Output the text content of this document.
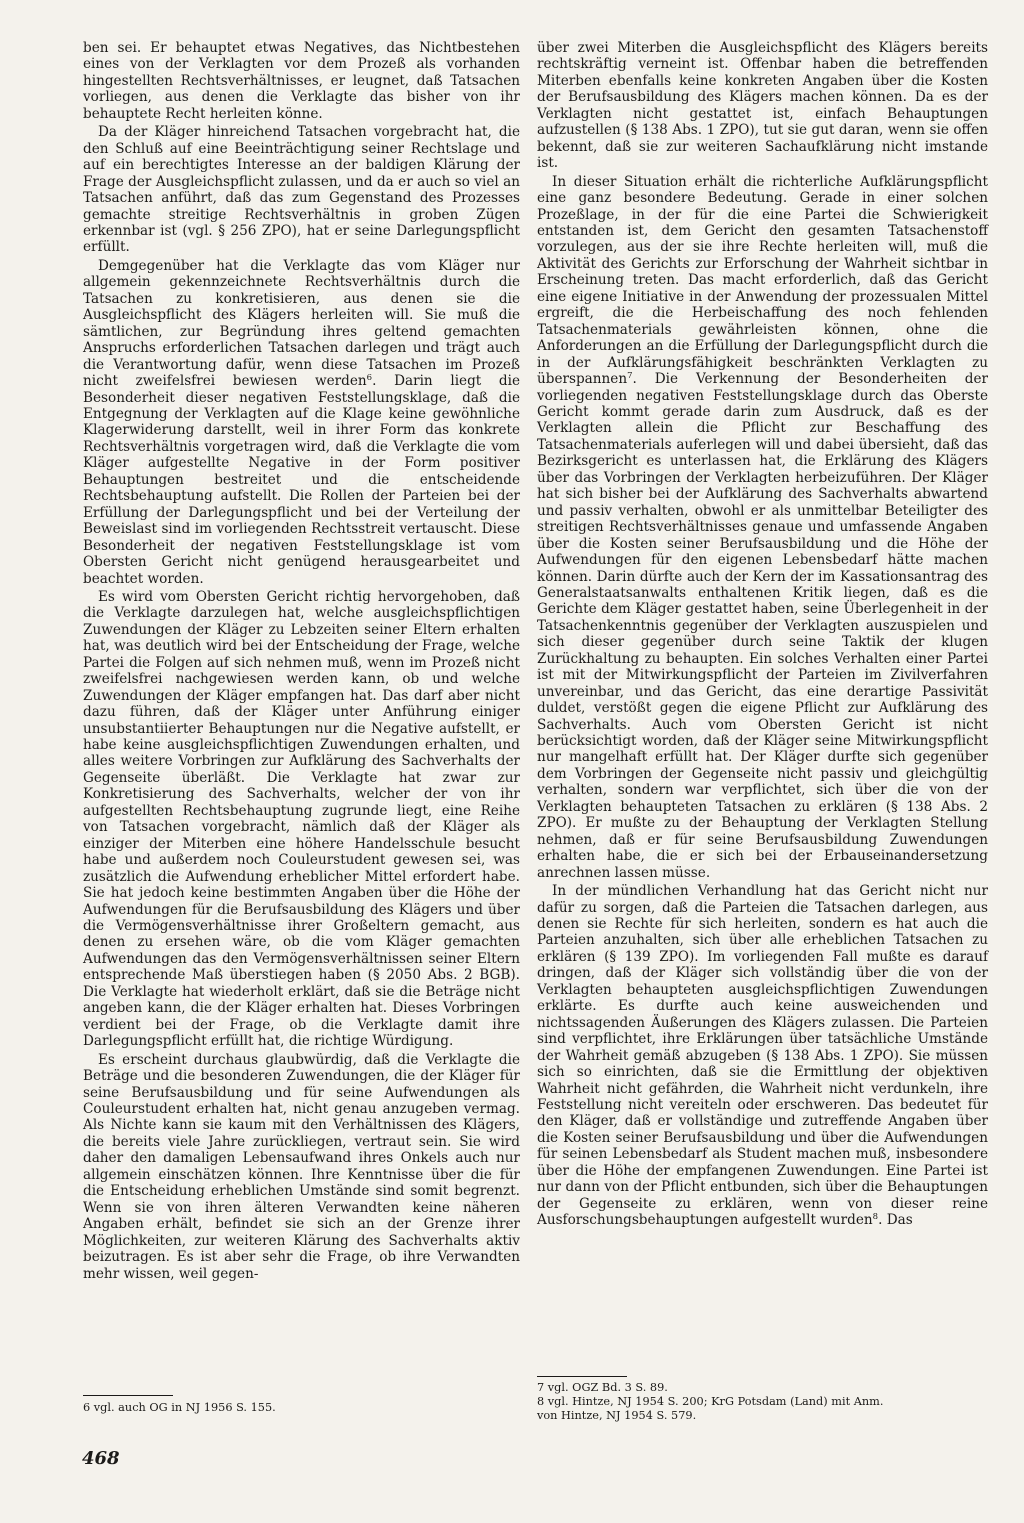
ben sei. Er behauptet etwas Negatives, das Nichtbestehen eines von der Verklagten vor dem Prozeß als vorhanden hingestellten Rechtsverhältnisses, er leugnet, daß Tatsachen vorliegen, aus denen die Verklagte das bisher von ihr behauptete Recht herleiten könne.

Da der Kläger hinreichend Tatsachen vorgebracht hat, die den Schluß auf eine Beeinträchtigung seiner Rechtslage und auf ein berechtigtes Interesse an der baldigen Klärung der Frage der Ausgleichspflicht zulassen, und da er auch so viel an Tatsachen anführt, daß das zum Gegenstand des Prozesses gemachte streitige Rechtsverhältnis in groben Zügen erkennbar ist (vgl. § 256 ZPO), hat er seine Darlegungspflicht erfüllt.

Demgegenüber hat die Verklagte das vom Kläger nur allgemein gekennzeichnete Rechtsverhältnis durch die Tatsachen zu konkretisieren, aus denen sie die Ausgleichspflicht des Klägers herleiten will. Sie muß die sämtlichen, zur Begründung ihres geltend gemachten Anspruchs erforderlichen Tatsachen darlegen und trägt auch die Verantwortung dafür, wenn diese Tatsachen im Prozeß nicht zweifelsfrei bewiesen werden$^6$. Darin liegt die Besonderheit dieser negativen Feststellungsklage, daß die Entgegnung der Verklagten auf die Klage keine gewöhnliche Klagerwiderung darstellt, weil in ihrer Form das konkrete Rechtsverhältnis vorgetragen wird, daß die Verklagte die vom Kläger aufgestellte Negative in der Form positiver Behauptungen bestreitet und die entscheidende Rechtsbehauptung aufstellt. Die Rollen der Parteien bei der Erfüllung der Darlegungspflicht und bei der Verteilung der Beweislast sind im vorliegenden Rechtsstreit vertauscht. Diese Besonderheit der negativen Feststellungsklage ist vom Obersten Gericht nicht genügend herausgearbeitet und beachtet worden.

Es wird vom Obersten Gericht richtig hervorgehoben, daß die Verklagte darzulegen hat, welche ausgleichspflichtigen Zuwendungen der Kläger zu Lebzeiten seiner Eltern erhalten hat, was deutlich wird bei der Entscheidung der Frage, welche Partei die Folgen auf sich nehmen muß, wenn im Prozeß nicht zweifelsfrei nachgewiesen werden kann, ob und welche Zuwendungen der Kläger empfangen hat. Das darf aber nicht dazu führen, daß der Kläger unter Anführung einiger unsubstantiierter Behauptungen nur die Negative aufstellt, er habe keine ausgleichspflichtigen Zuwendungen erhalten, und alles weitere Vorbringen zur Aufklärung des Sachverhalts der Gegenseite überläßt. Die Verklagte hat zwar zur Konkretisierung des Sachverhalts, welcher der von ihr aufgestellten Rechtsbehauptung zugrunde liegt, eine Reihe von Tatsachen vorgebracht, nämlich daß der Kläger als einziger der Miterben eine höhere Handelsschule besucht habe und außerdem noch Couleurstudent gewesen sei, was zusätzlich die Aufwendung erheblicher Mittel erfordert habe. Sie hat jedoch keine bestimmten Angaben über die Höhe der Aufwendungen für die Berufsausbildung des Klägers und über die Vermögensverhältnisse ihrer Großeltern gemacht, aus denen zu ersehen wäre, ob die vom Kläger gemachten Aufwendungen das den Vermögensverhältnissen seiner Eltern entsprechende Maß überstiegen haben (§ 2050 Abs. 2 BGB). Die Verklagte hat wiederholt erklärt, daß sie die Beträge nicht angeben kann, die der Kläger erhalten hat. Dieses Vorbringen verdient bei der Frage, ob die Verklagte damit ihre Darlegungspflicht erfüllt hat, die richtige Würdigung.

Es erscheint durchaus glaubwürdig, daß die Verklagte die Beträge und die besonderen Zuwendungen, die der Kläger für seine Berufsausbildung und für seine Aufwendungen als Couleurstudent erhalten hat, nicht genau anzugeben vermag. Als Nichte kann sie kaum mit den Verhältnissen des Klägers, die bereits viele Jahre zurückliegen, vertraut sein. Sie wird daher den damaligen Lebensaufwand ihres Onkels auch nur allgemein einschätzen können. Ihre Kenntnisse über die für die Entscheidung erheblichen Umstände sind somit begrenzt. Wenn sie von ihren älteren Verwandten keine näheren Angaben erhält, befindet sie sich an der Grenze ihrer Möglichkeiten, zur weiteren Klärung des Sachverhalts aktiv beizutragen. Es ist aber sehr die Frage, ob ihre Verwandten mehr wissen, weil gegen-

6 vgl. auch OG in NJ 1956 S. 155.

über zwei Miterben die Ausgleichspflicht des Klägers bereits rechtskräftig verneint ist. Offenbar haben die betreffenden Miterben ebenfalls keine konkreten Angaben über die Kosten der Berufsausbildung des Klägers machen können. Da es der Verklagten nicht gestattet ist, einfach Behauptungen aufzustellen (§ 138 Abs. 1 ZPO), tut sie gut daran, wenn sie offen bekennt, daß sie zur weiteren Sachaufklärung nicht imstande ist.

In dieser Situation erhält die richterliche Aufklärungspflicht eine ganz besondere Bedeutung. Gerade in einer solchen Prozeßlage, in der für die eine Partei die Schwierigkeit entstanden ist, dem Gericht den gesamten Tatsachenstoff vorzulegen, aus der sie ihre Rechte herleiten will, muß die Aktivität des Gerichts zur Erforschung der Wahrheit sichtbar in Erscheinung treten. Das macht erforderlich, daß das Gericht eine eigene Initiative in der Anwendung der prozessualen Mittel ergreift, die die Herbeischaffung des noch fehlenden Tatsachenmaterials gewährleisten können, ohne die Anforderungen an die Erfüllung der Darlegungspflicht durch die in der Aufklärungsfähigkeit beschränkten Verklagten zu überspannen$^7$. Die Verkennung der Besonderheiten der vorliegenden negativen Feststellungsklage durch das Oberste Gericht kommt gerade darin zum Ausdruck, daß es der Verklagten allein die Pflicht zur Beschaffung des Tatsachenmaterials auferlegen will und dabei übersieht, daß das Bezirksgericht es unterlassen hat, die Erklärung des Klägers über das Vorbringen der Verklagten herbeizuführen. Der Kläger hat sich bisher bei der Aufklärung des Sachverhalts abwartend und passiv verhalten, obwohl er als unmittelbar Beteiligter des streitigen Rechtsverhältnisses genaue und umfassende Angaben über die Kosten seiner Berufsausbildung und die Höhe der Aufwendungen für den eigenen Lebensbedarf hätte machen können. Darin dürfte auch der Kern der im Kassationsantrag des Generalstaatsanwalts enthaltenen Kritik liegen, daß es die Gerichte dem Kläger gestattet haben, seine Überlegenheit in der Tatsachenkenntnis gegenüber der Verklagten auszuspielen und sich dieser gegenüber durch seine Taktik der klugen Zurückhaltung zu behaupten. Ein solches Verhalten einer Partei ist mit der Mitwirkungspflicht der Parteien im Zivilverfahren unvereinbar, und das Gericht, das eine derartige Passivität duldet, verstößt gegen die eigene Pflicht zur Aufklärung des Sachverhalts. Auch vom Obersten Gericht ist nicht berücksichtigt worden, daß der Kläger seine Mitwirkungspflicht nur mangelhaft erfüllt hat. Der Kläger durfte sich gegenüber dem Vorbringen der Gegenseite nicht passiv und gleichgültig verhalten, sondern war verpflichtet, sich über die von der Verklagten behaupteten Tatsachen zu erklären (§ 138 Abs. 2 ZPO). Er mußte zu der Behauptung der Verklagten Stellung nehmen, daß er für seine Berufsausbildung Zuwendungen erhalten habe, die er sich bei der Erbauseinandersetzung anrechnen lassen müsse.

In der mündlichen Verhandlung hat das Gericht nicht nur dafür zu sorgen, daß die Parteien die Tatsachen darlegen, aus denen sie Rechte für sich herleiten, sondern es hat auch die Parteien anzuhalten, sich über alle erheblichen Tatsachen zu erklären (§ 139 ZPO). Im vorliegenden Fall mußte es darauf dringen, daß der Kläger sich vollständig über die von der Verklagten behaupteten ausgleichspflichtigen Zuwendungen erklärte. Es durfte auch keine ausweichenden und nichtssagenden Äußerungen des Klägers zulassen. Die Parteien sind verpflichtet, ihre Erklärungen über tatsächliche Umstände der Wahrheit gemäß abzugeben (§ 138 Abs. 1 ZPO). Sie müssen sich so einrichten, daß sie die Ermittlung der objektiven Wahrheit nicht gefährden, die Wahrheit nicht verdunkeln, ihre Feststellung nicht vereiteln oder erschweren. Das bedeutet für den Kläger, daß er vollständige und zutreffende Angaben über die Kosten seiner Berufsausbildung und über die Aufwendungen für seinen Lebensbedarf als Student machen muß, insbesondere über die Höhe der empfangenen Zuwendungen. Eine Partei ist nur dann von der Pflicht entbunden, sich über die Behauptungen der Gegenseite zu erklären, wenn von dieser reine Ausforschungsbehauptungen aufgestellt wurden$^8$. Das

7 vgl. OGZ Bd. 3 S. 89.
8 vgl. Hintze, NJ 1954 S. 200; KrG Potsdam (Land) mit Anm.
von Hintze, NJ 1954 S. 579.
468
